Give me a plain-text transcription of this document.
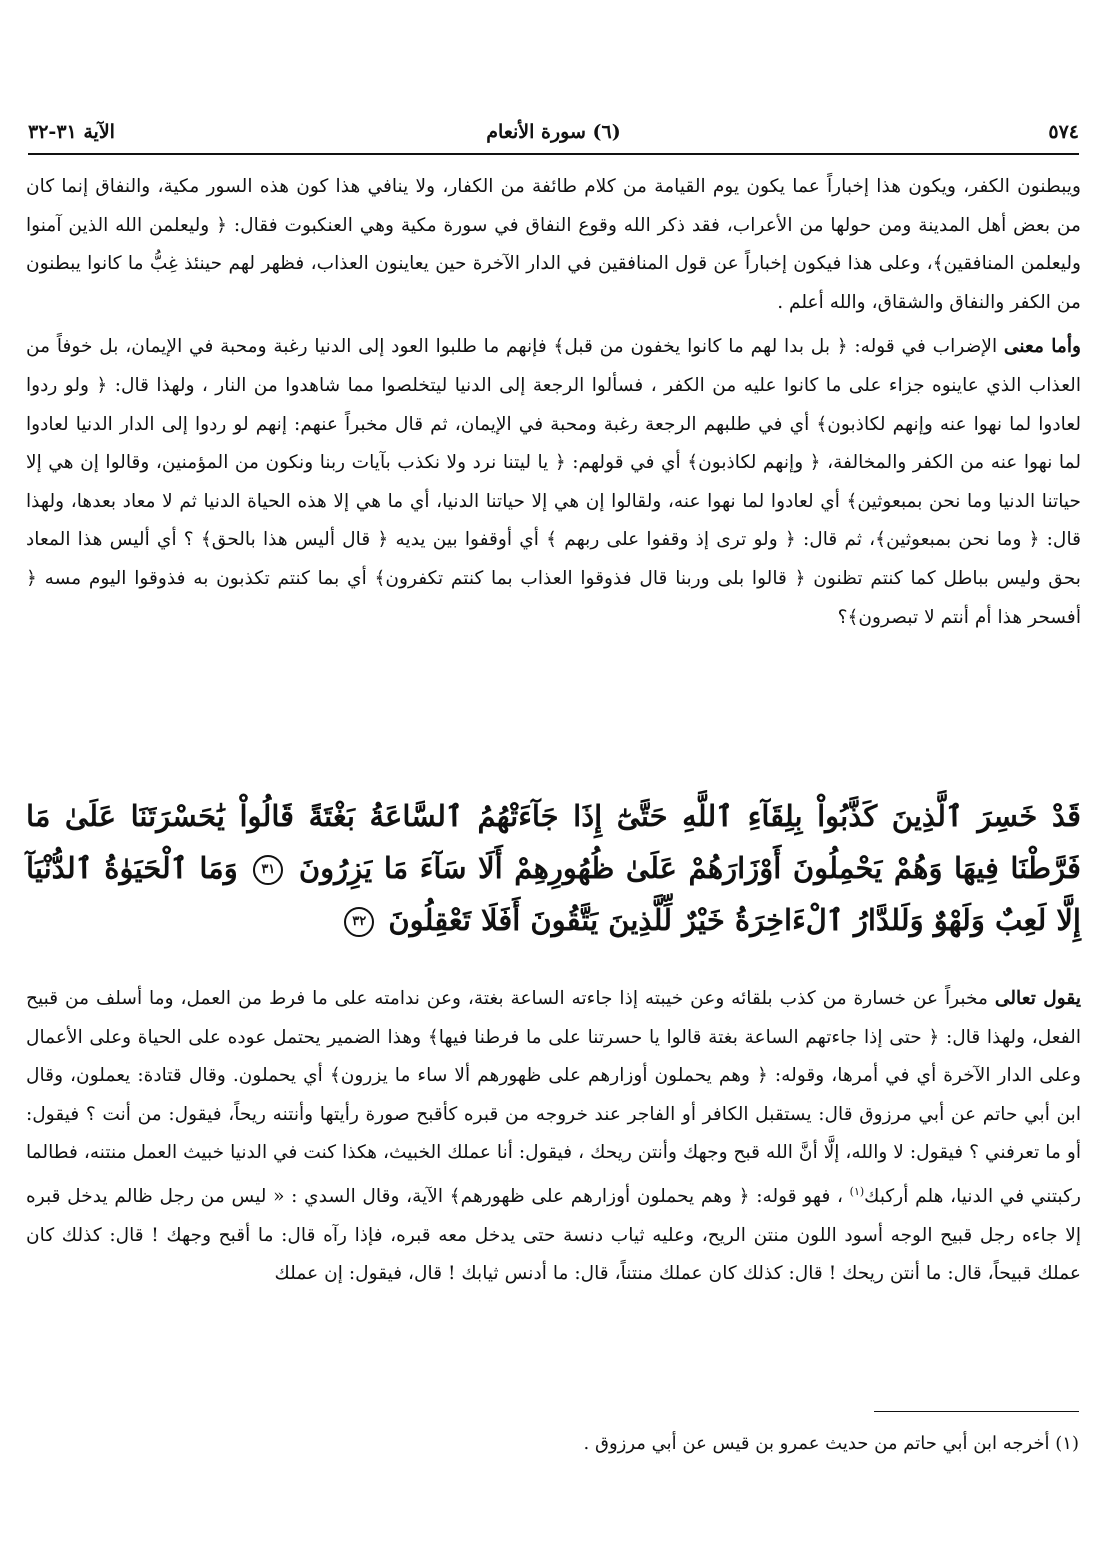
٥٧٤
(٦) سورة الأنعام
الآية ٣١-٣٢

ويبطنون الكفر، ويكون هذا إخباراً عما يكون يوم القيامة من كلام طائفة من الكفار، ولا ينافي هذا كون هذه السور مكية، والنفاق إنما كان من بعض أهل المدينة ومن حولها من الأعراب، فقد ذكر الله وقوع النفاق في سورة مكية وهي العنكبوت فقال: ﴿ وليعلمن الله الذين آمنوا وليعلمن المنافقين﴾، وعلى هذا فيكون إخباراً عن قول المنافقين في الدار الآخرة حين يعاينون العذاب، فظهر لهم حينئذ غِبُّ ما كانوا يبطنون من الكفر والنفاق والشقاق، والله أعلم .

وأما معنى الإضراب في قوله: ﴿ بل بدا لهم ما كانوا يخفون من قبل﴾ فإنهم ما طلبوا العود إلى الدنيا رغبة ومحبة في الإيمان، بل خوفاً من العذاب الذي عاينوه جزاء على ما كانوا عليه من الكفر ، فسألوا الرجعة إلى الدنيا ليتخلصوا مما شاهدوا من النار ، ولهذا قال: ﴿ ولو ردوا لعادوا لما نهوا عنه وإنهم لكاذبون﴾ أي في طلبهم الرجعة رغبة ومحبة في الإيمان، ثم قال مخبراً عنهم: إنهم لو ردوا إلى الدار الدنيا لعادوا لما نهوا عنه من الكفر والمخالفة، ﴿ وإنهم لكاذبون﴾ أي في قولهم: ﴿ يا ليتنا نرد ولا نكذب بآيات ربنا ونكون من المؤمنين، وقالوا إن هي إلا حياتنا الدنيا وما نحن بمبعوثين﴾ أي لعادوا لما نهوا عنه، ولقالوا إن هي إلا حياتنا الدنيا، أي ما هي إلا هذه الحياة الدنيا ثم لا معاد بعدها، ولهذا قال: ﴿ وما نحن بمبعوثين﴾، ثم قال: ﴿ ولو ترى إذ وقفوا على ربهم ﴾ أي أوقفوا بين يديه ﴿ قال أليس هذا بالحق﴾ ؟ أي أليس هذا المعاد بحق وليس بباطل كما كنتم تظنون ﴿ قالوا بلى وربنا قال فذوقوا العذاب بما كنتم تكفرون﴾ أي بما كنتم تكذبون به فذوقوا اليوم مسه ﴿ أفسحر هذا أم أنتم لا تبصرون﴾؟

قَدْ خَسِرَ ٱلَّذِينَ كَذَّبُواْ بِلِقَآءِ ٱللَّهِ حَتَّىٰٓ إِذَا جَآءَتْهُمُ ٱلسَّاعَةُ بَغْتَةً قَالُواْ يَٰحَسْرَتَنَا عَلَىٰ مَا فَرَّطْنَا فِيهَا وَهُمْ يَحْمِلُونَ أَوْزَارَهُمْ عَلَىٰ ظُهُورِهِمْ أَلَا سَآءَ مَا يَزِرُونَ ٣١ وَمَا ٱلْحَيَوٰةُ ٱلدُّنْيَآ إِلَّا لَعِبٌ وَلَهْوٌ وَلَلدَّارُ ٱلْءَاخِرَةُ خَيْرٌ لِّلَّذِينَ يَتَّقُونَ أَفَلَا تَعْقِلُونَ ٣٢
يقول تعالى مخبراً عن خسارة من كذب بلقائه وعن خيبته إذا جاءته الساعة بغتة، وعن ندامته على ما فرط من العمل، وما أسلف من قبيح الفعل، ولهذا قال: ﴿ حتى إذا جاءتهم الساعة بغتة قالوا يا حسرتنا على ما فرطنا فيها﴾ وهذا الضمير يحتمل عوده على الحياة وعلى الأعمال وعلى الدار الآخرة أي في أمرها، وقوله: ﴿ وهم يحملون أوزارهم على ظهورهم ألا ساء ما يزرون﴾ أي يحملون. وقال قتادة: يعملون، وقال ابن أبي حاتم عن أبي مرزوق قال: يستقبل الكافر أو الفاجر عند خروجه من قبره كأقبح صورة رأيتها وأنتنه ريحاً، فيقول: من أنت ؟ فيقول: أو ما تعرفني ؟ فيقول: لا والله، إلَّا أنَّ الله قبح وجهك وأنتن ريحك ، فيقول: أنا عملك الخبيث، هكذا كنت في الدنيا خبيث العمل منتنه، فطالما ركبتني في الدنيا، هلم أركبك$^{(١)}$ ، فهو قوله: ﴿ وهم يحملون أوزارهم على ظهورهم﴾ الآية، وقال السدي : « ليس من رجل ظالم يدخل قبره إلا جاءه رجل قبيح الوجه أسود اللون منتن الريح، وعليه ثياب دنسة حتى يدخل معه قبره، فإذا رآه قال: ما أقبح وجهك ! قال: كذلك كان عملك قبيحاً، قال: ما أنتن ريحك ! قال: كذلك كان عملك منتناً، قال: ما أدنس ثيابك ! قال، فيقول: إن عملك
(١) أخرجه ابن أبي حاتم من حديث عمرو بن قيس عن أبي مرزوق .
